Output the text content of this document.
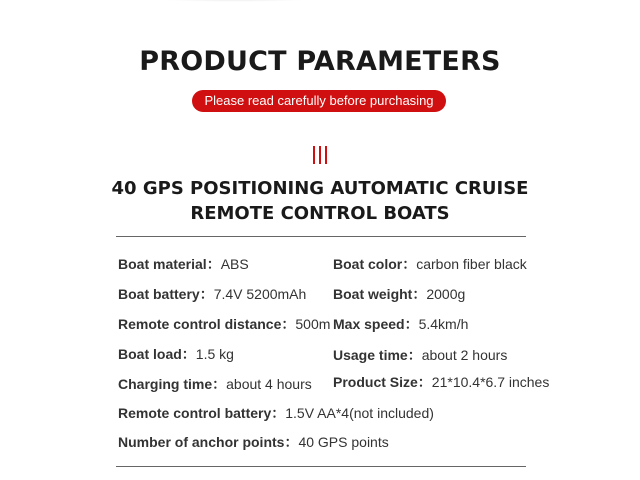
PRODUCT PARAMETERS
Please read carefully before purchasing
40 GPS POSITIONING AUTOMATIC CRUISE
REMOTE CONTROL BOATS
Boat material：ABS	Boat color：carbon fiber black
Boat battery：7.4V 5200mAh Boat weight：2000g
Remote control distance：500m Max speed：5.4km/h
Boat load：1.5 kg	Usage time：about 2 hours
Charging time：about 4 hours Product Size：21*10.4*6.7 inches
Remote control battery：1.5V AA*4(not included)
Number of anchor points：40 GPS points
